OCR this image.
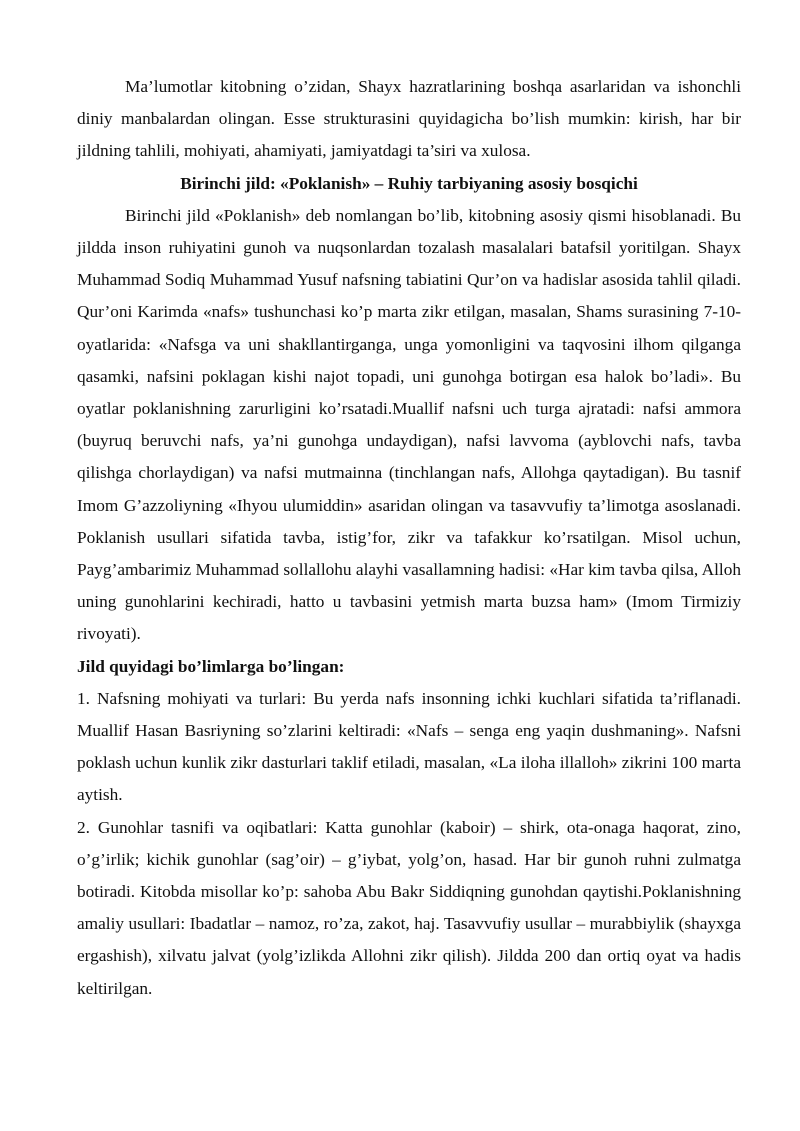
Ma’lumotlar kitobning o’zidan, Shayx hazratlarining boshqa asarlaridan va ishonchli diniy manbalardan olingan. Esse strukturasini quyidagicha bo’lish mumkin: kirish, har bir jildning tahlili, mohiyati, ahamiyati, jamiyatdagi ta’siri va xulosa.

Birinchi jild: «Poklanish» – Ruhiy tarbiyaning asosiy bosqichi

Birinchi jild «Poklanish» deb nomlangan bo’lib, kitobning asosiy qismi hisoblanadi. Bu jildda inson ruhiyatini gunoh va nuqsonlardan tozalash masalalari batafsil yoritilgan. Shayx Muhammad Sodiq Muhammad Yusuf nafsning tabiatini Qur’on va hadislar asosida tahlil qiladi. Qur’oni Karimda «nafs» tushunchasi ko’p marta zikr etilgan, masalan, Shams surasining 7-10-oyatlarida: «Nafsga va uni shakllantirganga, unga yomonligini va taqvosini ilhom qilganga qasamki, nafsini poklagan kishi najot topadi, uni gunohga botirgan esa halok bo’ladi». Bu oyatlar poklanishning zarurligini ko’rsatadi.Muallif nafsni uch turga ajratadi: nafsi ammora (buyruq beruvchi nafs, ya’ni gunohga undaydigan), nafsi lavvoma (ayblovchi nafs, tavba qilishga chorlaydigan) va nafsi mutmainna (tinchlangan nafs, Allohga qaytadigan). Bu tasnif Imom G’azzoliyning «Ihyou ulumiddin» asaridan olingan va tasavvufiy ta’limotga asoslanadi. Poklanish usullari sifatida tavba, istig’for, zikr va tafakkur ko’rsatilgan. Misol uchun, Payg’ambarimiz Muhammad sollallohu alayhi vasallamning hadisi: «Har kim tavba qilsa, Alloh uning gunohlarini kechiradi, hatto u tavbasini yetmish marta buzsa ham» (Imom Tirmiziy rivoyati).

Jild quyidagi bo’limlarga bo’lingan:

1. Nafsning mohiyati va turlari: Bu yerda nafs insonning ichki kuchlari sifatida ta’riflanadi. Muallif Hasan Basriyning so’zlarini keltiradi: «Nafs – senga eng yaqin dushmaning». Nafsni poklash uchun kunlik zikr dasturlari taklif etiladi, masalan, «La iloha illalloh» zikrini 100 marta aytish.

2. Gunohlar tasnifi va oqibatlari: Katta gunohlar (kaboir) – shirk, ota-onaga haqorat, zino, o’g’irlik; kichik gunohlar (sag’oir) – g’iybat, yolg’on, hasad. Har bir gunoh ruhni zulmatga botiradi. Kitobda misollar ko’p: sahoba Abu Bakr Siddiqning gunohdan qaytishi.Poklanishning amaliy usullari: Ibadatlar – namoz, ro’za, zakot, haj. Tasavvufiy usullar – murabbiylik (shayxga ergashish), xilvatu jalvat (yolg’izlikda Allohni zikr qilish). Jildda 200 dan ortiq oyat va hadis keltirilgan.
